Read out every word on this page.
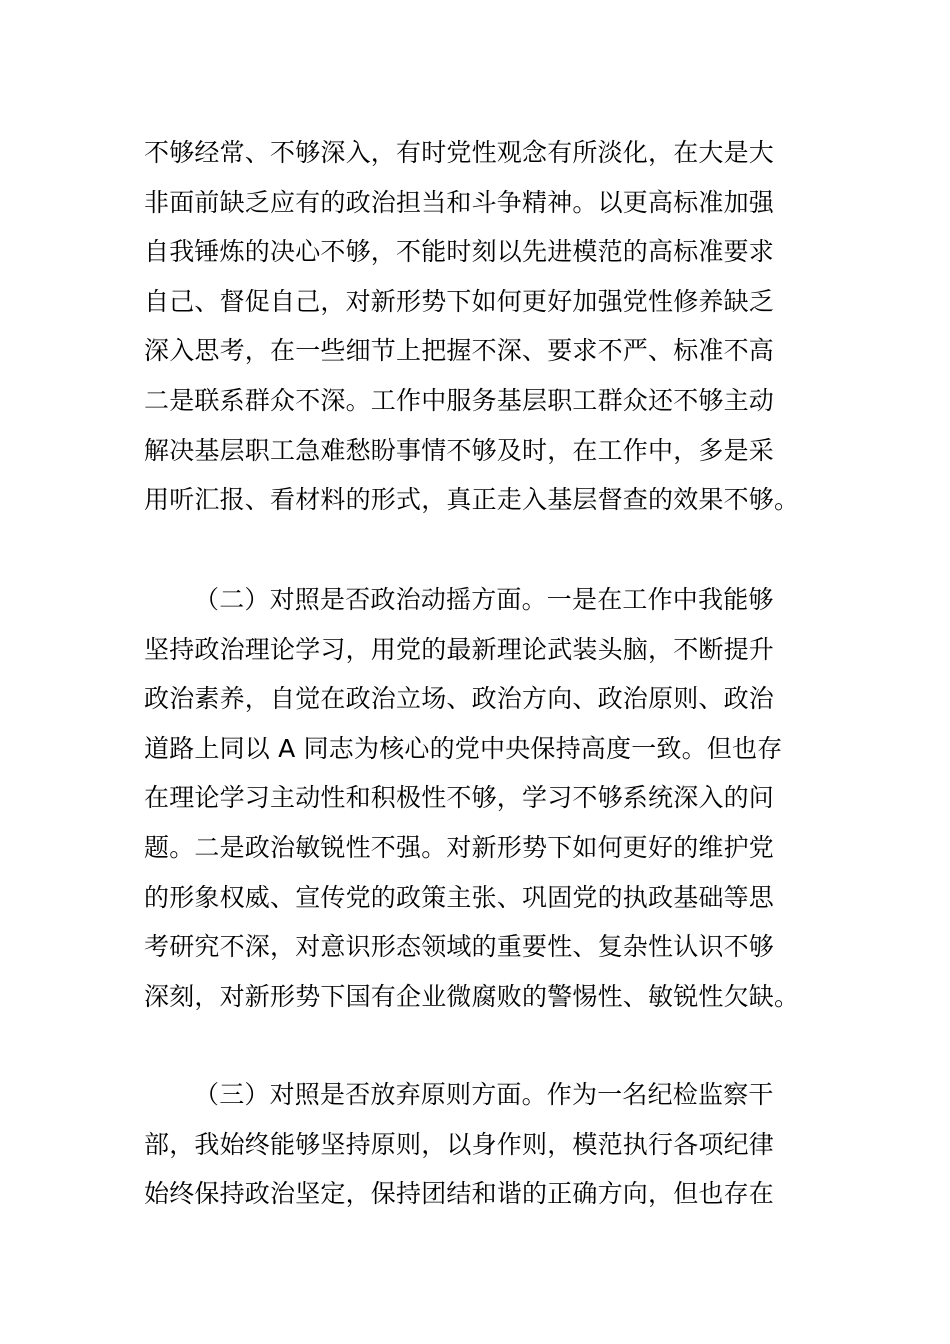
不够经常、不够深入，有时党性观念有所淡化，在大是大
非面前缺乏应有的政治担当和斗争精神。以更高标准加强
自我锤炼的决心不够，不能时刻以先进模范的高标准要求
自己、督促自己，对新形势下如何更好加强党性修养缺乏
深入思考，在一些细节上把握不深、要求不严、标准不高
二是联系群众不深。工作中服务基层职工群众还不够主动
解决基层职工急难愁盼事情不够及时，在工作中，多是采
用听汇报、看材料的形式，真正走入基层督查的效果不够。
（二）对照是否政治动摇方面。一是在工作中我能够
坚持政治理论学习，用党的最新理论武装头脑，不断提升
政治素养，自觉在政治立场、政治方向、政治原则、政治
道路上同以 A 同志为核心的党中央保持高度一致。但也存
在理论学习主动性和积极性不够，学习不够系统深入的问
题。二是政治敏锐性不强。对新形势下如何更好的维护党
的形象权威、宣传党的政策主张、巩固党的执政基础等思
考研究不深，对意识形态领域的重要性、复杂性认识不够
深刻，对新形势下国有企业微腐败的警惕性、敏锐性欠缺。
（三）对照是否放弃原则方面。作为一名纪检监察干
部，我始终能够坚持原则，以身作则，模范执行各项纪律
始终保持政治坚定，保持团结和谐的正确方向，但也存在
